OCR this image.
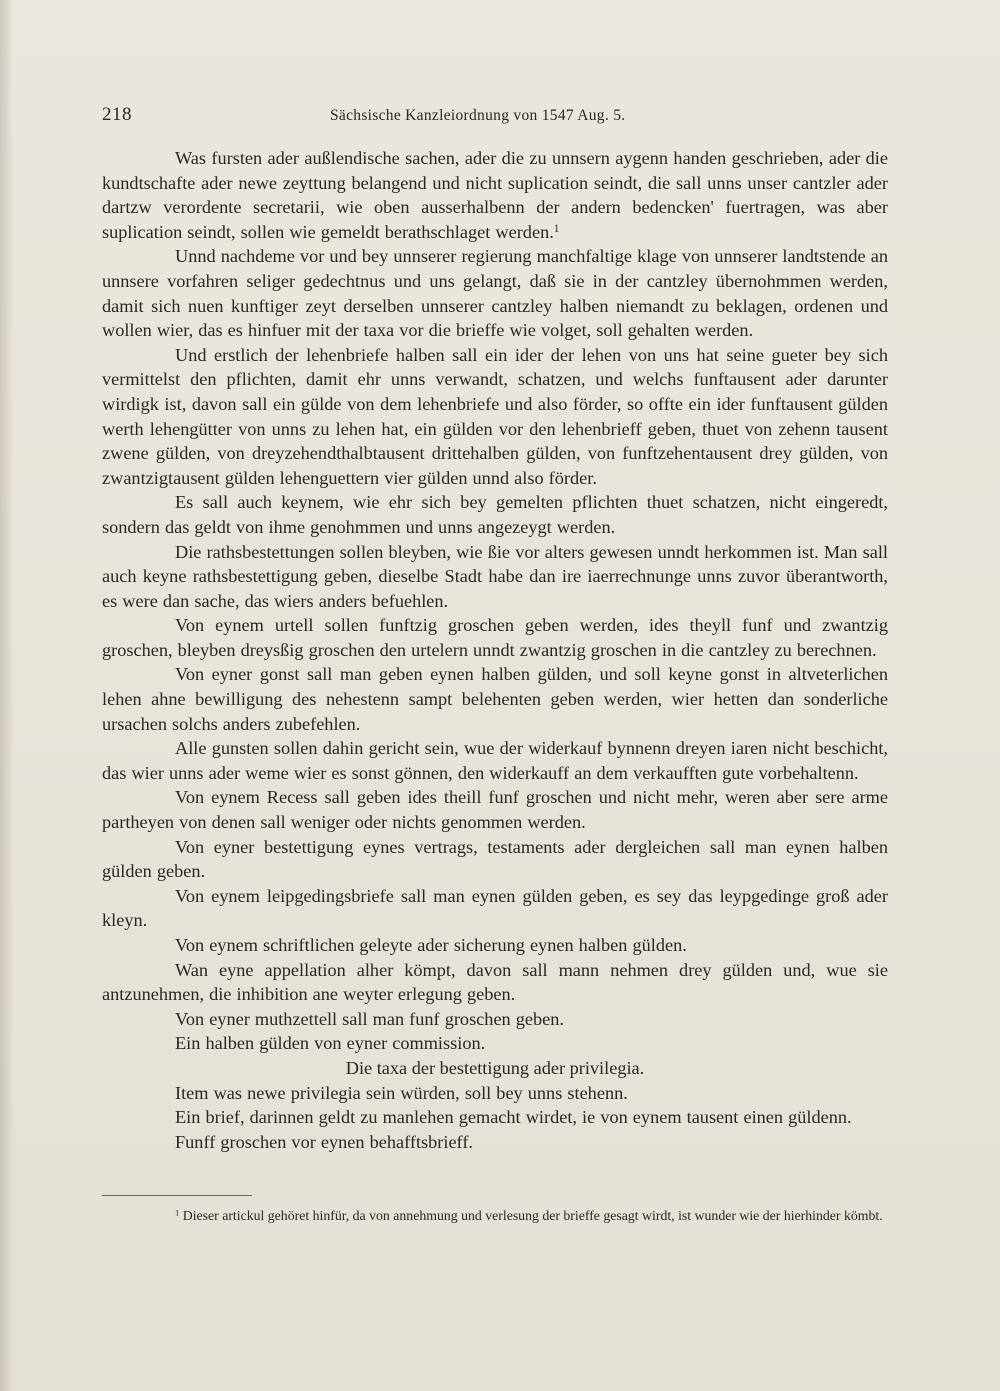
218	Sächsische Kanzleiordnung von 1547 Aug. 5.

Was fursten ader außlendische sachen, ader die zu unnsern aygenn handen geschrieben, ader die kundtschafte ader newe zeyttung belangend und nicht suplication seindt, die sall unns unser cantzler ader dartzw verordente secretarii, wie oben ausserhalbenn der andern bedencken' fuertragen, was aber suplication seindt, sollen wie gemeldt berathschlaget werden.$^1$

Unnd nachdeme vor und bey unnserer regierung manchfaltige klage von unnserer landtstende an unnsere vorfahren seliger gedechtnus und uns gelangt, daß sie in der cantzley übernohmmen werden, damit sich nuen kunftiger zeyt derselben unnserer cantzley halben niemandt zu beklagen, ordenen und wollen wier, das es hinfuer mit der taxa vor die brieffe wie volget, soll gehalten werden.

Und erstlich der lehenbriefe halben sall ein ider der lehen von uns hat seine gueter bey sich vermittelst den pflichten, damit ehr unns verwandt, schatzen, und welchs funftausent ader darunter wirdigk ist, davon sall ein gülde von dem lehenbriefe und also förder, so offte ein ider funftausent gülden werth lehengütter von unns zu lehen hat, ein gülden vor den lehenbrieff geben, thuet von zehenn tausent zwene gülden, von dreyzehendthalbtausent drittehalben gülden, von funftzehentausent drey gülden, von zwantzigtausent gülden lehenguettern vier gülden unnd also förder.

Es sall auch keynem, wie ehr sich bey gemelten pflichten thuet schatzen, nicht eingeredt, sondern das geldt von ihme genohmmen und unns angezeygt werden.

Die rathsbestettungen sollen bleyben, wie ßie vor alters gewesen unndt herkommen ist. Man sall auch keyne rathsbestettigung geben, dieselbe Stadt habe dan ire iaerrechnunge unns zuvor überantworth, es were dan sache, das wiers anders befuehlen.

Von eynem urtell sollen funftzig groschen geben werden, ides theyll funf und zwantzig groschen, bleyben dreysßig groschen den urtelern unndt zwantzig groschen in die cantzley zu berechnen.

Von eyner gonst sall man geben eynen halben gülden, und soll keyne gonst in altveterlichen lehen ahne bewilligung des nehestenn sampt belehenten geben werden, wier hetten dan sonderliche ursachen solchs anders zubefehlen.

Alle gunsten sollen dahin gericht sein, wue der widerkauf bynnenn dreyen iaren nicht beschicht, das wier unns ader weme wier es sonst gönnen, den widerkauff an dem verkaufften gute vorbehaltenn.

Von eynem Recess sall geben ides theill funf groschen und nicht mehr, weren aber sere arme partheyen von denen sall weniger oder nichts genommen werden.

Von eyner bestettigung eynes vertrags, testaments ader dergleichen sall man eynen halben gülden geben.

Von eynem leipgedingsbriefe sall man eynen gülden geben, es sey das leypgedinge groß ader kleyn.

Von eynem schriftlichen geleyte ader sicherung eynen halben gülden.

Wan eyne appellation alher kömpt, davon sall mann nehmen drey gülden und, wue sie antzunehmen, die inhibition ane weyter erlegung geben.

Von eyner muthzettell sall man funf groschen geben.

Ein halben gülden von eyner commission.

Die taxa der bestettigung ader privilegia.

Item was newe privilegia sein würden, soll bey unns stehenn.

Ein brief, darinnen geldt zu manlehen gemacht wirdet, ie von eynem tausent einen güldenn.

Funff groschen vor eynen behafftsbrieff.

$^1$ Dieser artickul gehöret hinfür, da von annehmung und verlesung der brieffe gesagt wirdt, ist wunder wie der hierhinder kömbt.
